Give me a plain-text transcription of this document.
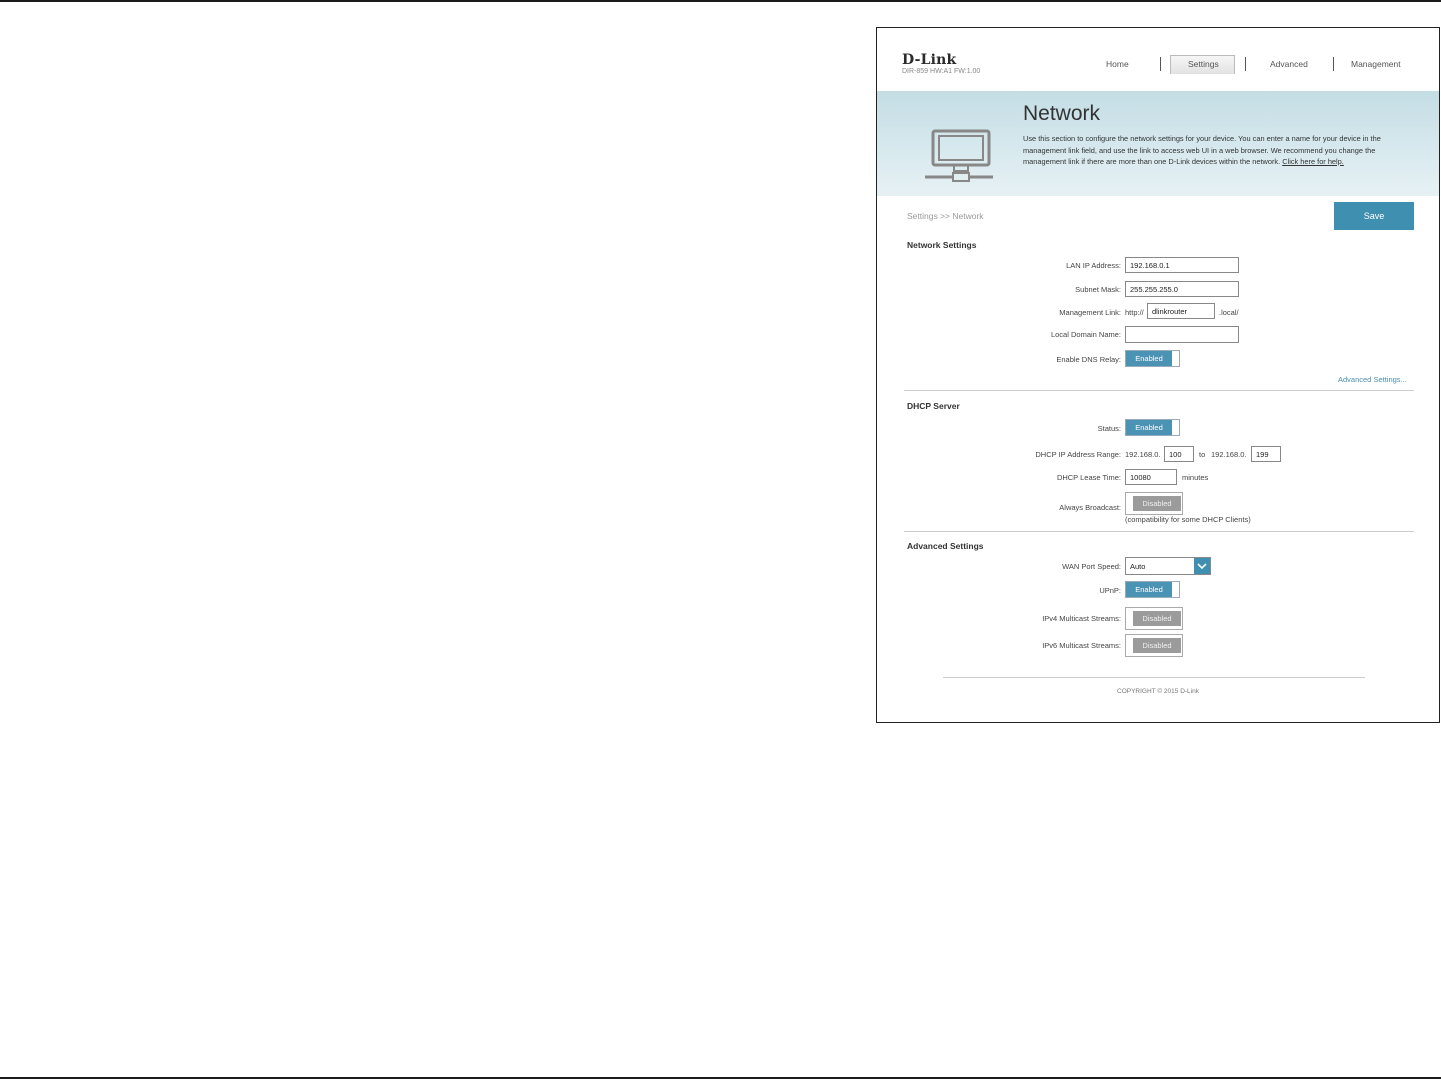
D-Link
DIR-859 HW:A1 FW:1.00
Home	Settings	Advanced	Management
Network
Use this section to configure the network settings for your device. You can enter a name for your device in the management link field, and use the link to access web UI in a web browser. We recommend you change the management link if there are more than one D-Link devices within the network. Click here for help.
Settings >> Network	Save
Network Settings
LAN IP Address:	192.168.0.1
Subnet Mask:	255.255.255.0
Management Link: http://	dlinkrouter	.local/
Local Domain Name:
Enable DNS Relay:	Enabled
Advanced Settings...
DHCP Server
Status:	Enabled
DHCP IP Address Range: 192.168.0.	100	to 192.168.0.	199
DHCP Lease Time:	10080	minutes
Always Broadcast:	Disabled
(compatibility for some DHCP Clients)
Advanced Settings
WAN Port Speed: Auto
UPnP:	Enabled
IPv4 Multicast Streams:	Disabled
IPv6 Multicast Streams:	Disabled
COPYRIGHT © 2015 D-Link
